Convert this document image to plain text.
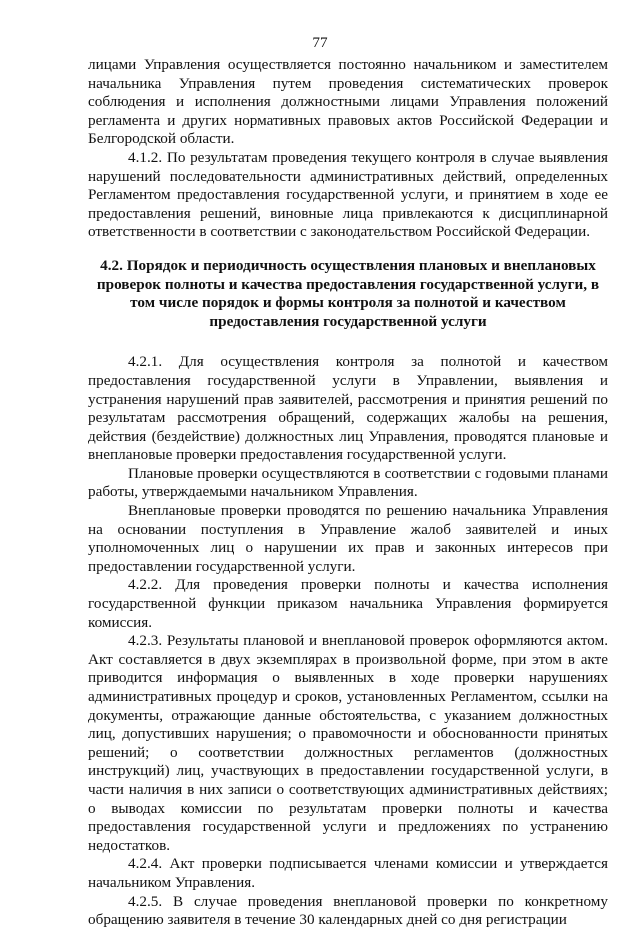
77

лицами Управления осуществляется постоянно начальником и заместителем начальника Управления путем проведения систематических проверок соблюдения и исполнения должностными лицами Управления положений регламента и других нормативных правовых актов Российской Федерации и Белгородской области.

4.1.2. По результатам проведения текущего контроля в случае выявления нарушений последовательности административных действий, определенных Регламентом предоставления государственной услуги, и принятием в ходе ее предоставления решений, виновные лица привлекаются к дисциплинарной ответственности в соответствии с законодательством Российской Федерации.

4.2. Порядок и периодичность осуществления плановых и внеплановых проверок полноты и качества предоставления государственной услуги, в том числе порядок и формы контроля за полнотой и качеством предоставления государственной услуги

4.2.1. Для осуществления контроля за полнотой и качеством предоставления государственной услуги в Управлении, выявления и устранения нарушений прав заявителей, рассмотрения и принятия решений по результатам рассмотрения обращений, содержащих жалобы на решения, действия (бездействие) должностных лиц Управления, проводятся плановые и внеплановые проверки предоставления государственной услуги.

Плановые проверки осуществляются в соответствии с годовыми планами работы, утверждаемыми начальником Управления.

Внеплановые проверки проводятся по решению начальника Управления на основании поступления в Управление жалоб заявителей и иных уполномоченных лиц о нарушении их прав и законных интересов при предоставлении государственной услуги.

4.2.2. Для проведения проверки полноты и качества исполнения государственной функции приказом начальника Управления формируется комиссия.

4.2.3. Результаты плановой и внеплановой проверок оформляются актом. Акт составляется в двух экземплярах в произвольной форме, при этом в акте приводится информация о выявленных в ходе проверки нарушениях административных процедур и сроков, установленных Регламентом, ссылки на документы, отражающие данные обстоятельства, с указанием должностных лиц, допустивших нарушения; о правомочности и обоснованности принятых решений; о соответствии должностных регламентов (должностных инструкций) лиц, участвующих в предоставлении государственной услуги, в части наличия в них записи о соответствующих административных действиях; о выводах комиссии по результатам проверки полноты и качества предоставления государственной услуги и предложениях по устранению недостатков.

4.2.4. Акт проверки подписывается членами комиссии и утверждается начальником Управления.

4.2.5. В случае проведения внеплановой проверки по конкретному обращению заявителя в течение 30 календарных дней со дня регистрации
